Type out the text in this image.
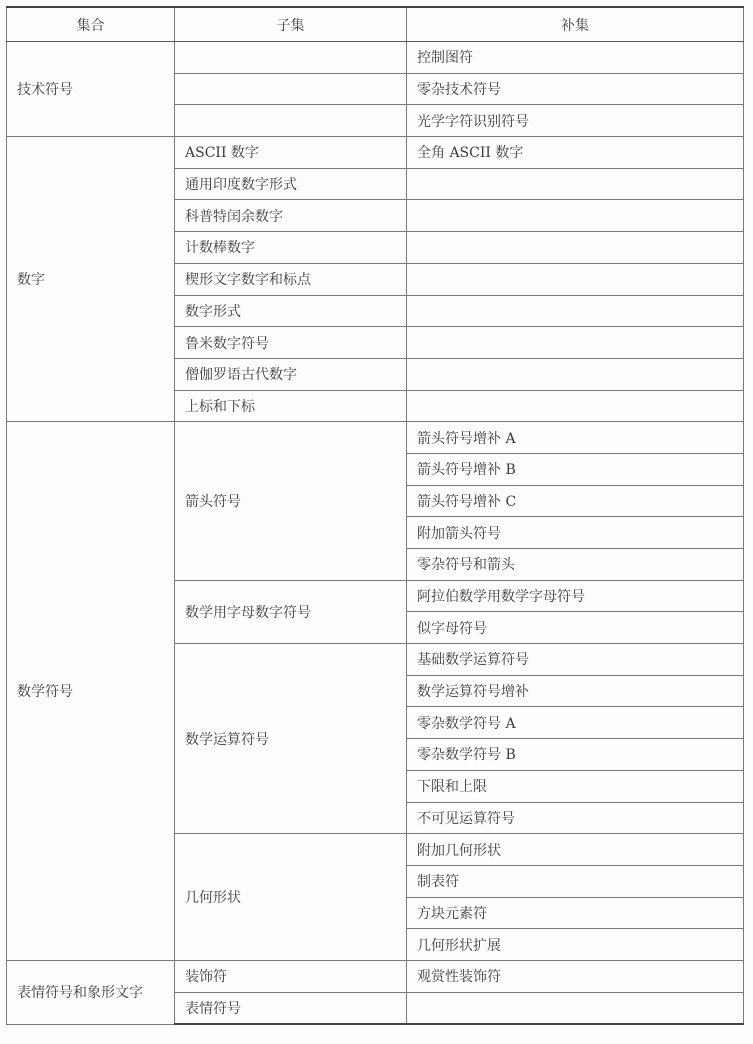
集合	子集	补集
技术符号		控制图符
		零杂技术符号
		光学字符识别符号
数字	ASCII 数字	全角 ASCII 数字
	通用印度数字形式	
	科普特闰余数字	
	计数棒数字	
	楔形文字数字和标点	
	数字形式	
	鲁米数字符号	
	僧伽罗语古代数字	
	上标和下标	
数学符号	箭头符号	箭头符号增补 A
		箭头符号增补 B
		箭头符号增补 C
		附加箭头符号
		零杂符号和箭头
	数学用字母数字符号	阿拉伯数学用数学字母符号
		似字母符号
	数学运算符号	基础数学运算符号
		数学运算符号增补
		零杂数学符号 A
		零杂数学符号 B
		下限和上限
		不可见运算符号
	几何形状	附加几何形状
		制表符
		方块元素符
		几何形状扩展
表情符号和象形文字	装饰符	观赏性装饰符
	表情符号	
